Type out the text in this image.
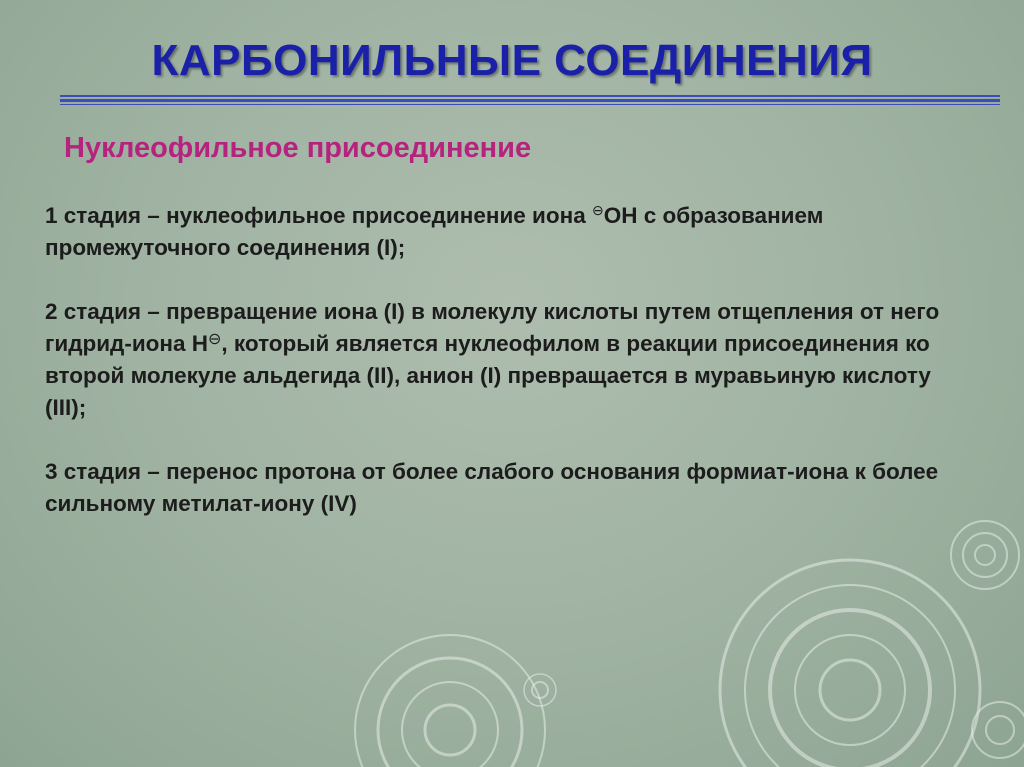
КАРБОНИЛЬНЫЕ СОЕДИНЕНИЯ
Нуклеофильное присоединение

1 стадия – нуклеофильное присоединение иона ⊖ОН с образованием промежуточного соединения (I);

2 стадия – превращение иона (I) в молекулу кислоты путем отщепления от него гидрид-иона Н⊖, который является нуклеофилом в реакции присоединения ко второй молекуле альдегида (II), анион (I) превращается в муравьиную кислоту (III);

3 стадия – перенос протона от более слабого основания формиат-иона к более сильному метилат-иону (IV)
